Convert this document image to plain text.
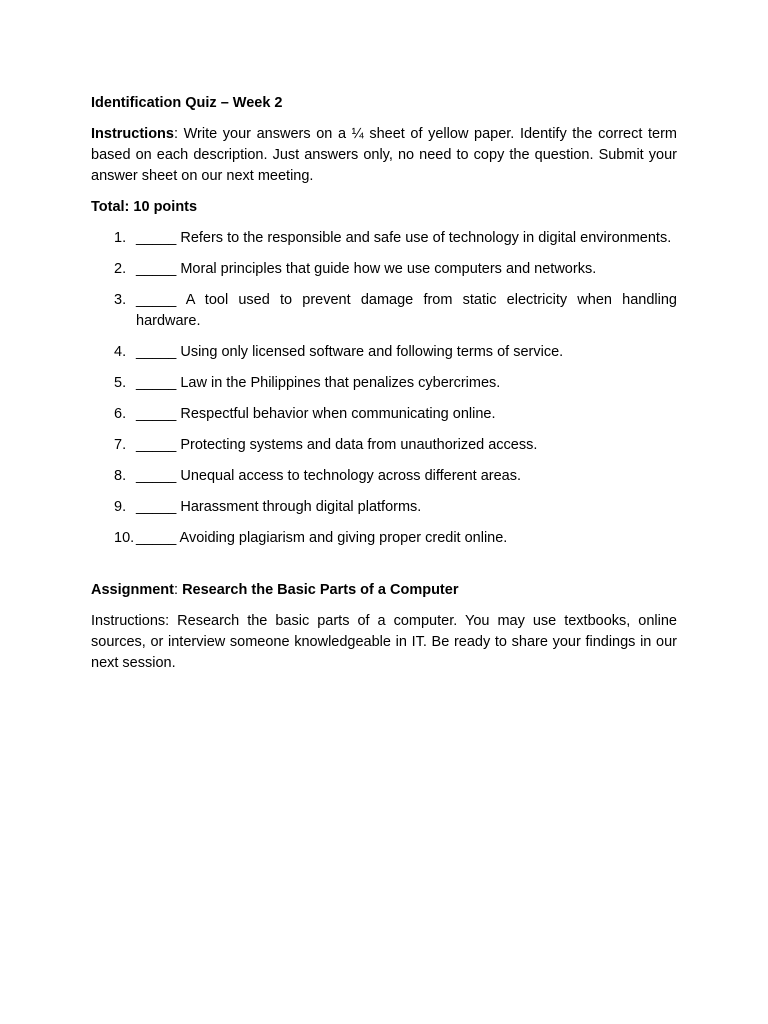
Identification Quiz – Week 2

Instructions: Write your answers on a ¼ sheet of yellow paper. Identify the correct term based on each description. Just answers only, no need to copy the question. Submit your answer sheet on our next meeting.

Total: 10 points

1. _____ Refers to the responsible and safe use of technology in digital environments.
2. _____ Moral principles that guide how we use computers and networks.
3. _____ A tool used to prevent damage from static electricity when handling hardware.
4. _____ Using only licensed software and following terms of service.
5. _____ Law in the Philippines that penalizes cybercrimes.
6. _____ Respectful behavior when communicating online.
7. _____ Protecting systems and data from unauthorized access.
8. _____ Unequal access to technology across different areas.
9. _____ Harassment through digital platforms.
10. _____ Avoiding plagiarism and giving proper credit online.

Assignment: Research the Basic Parts of a Computer

Instructions: Research the basic parts of a computer. You may use textbooks, online sources, or interview someone knowledgeable in IT. Be ready to share your findings in our next session.
